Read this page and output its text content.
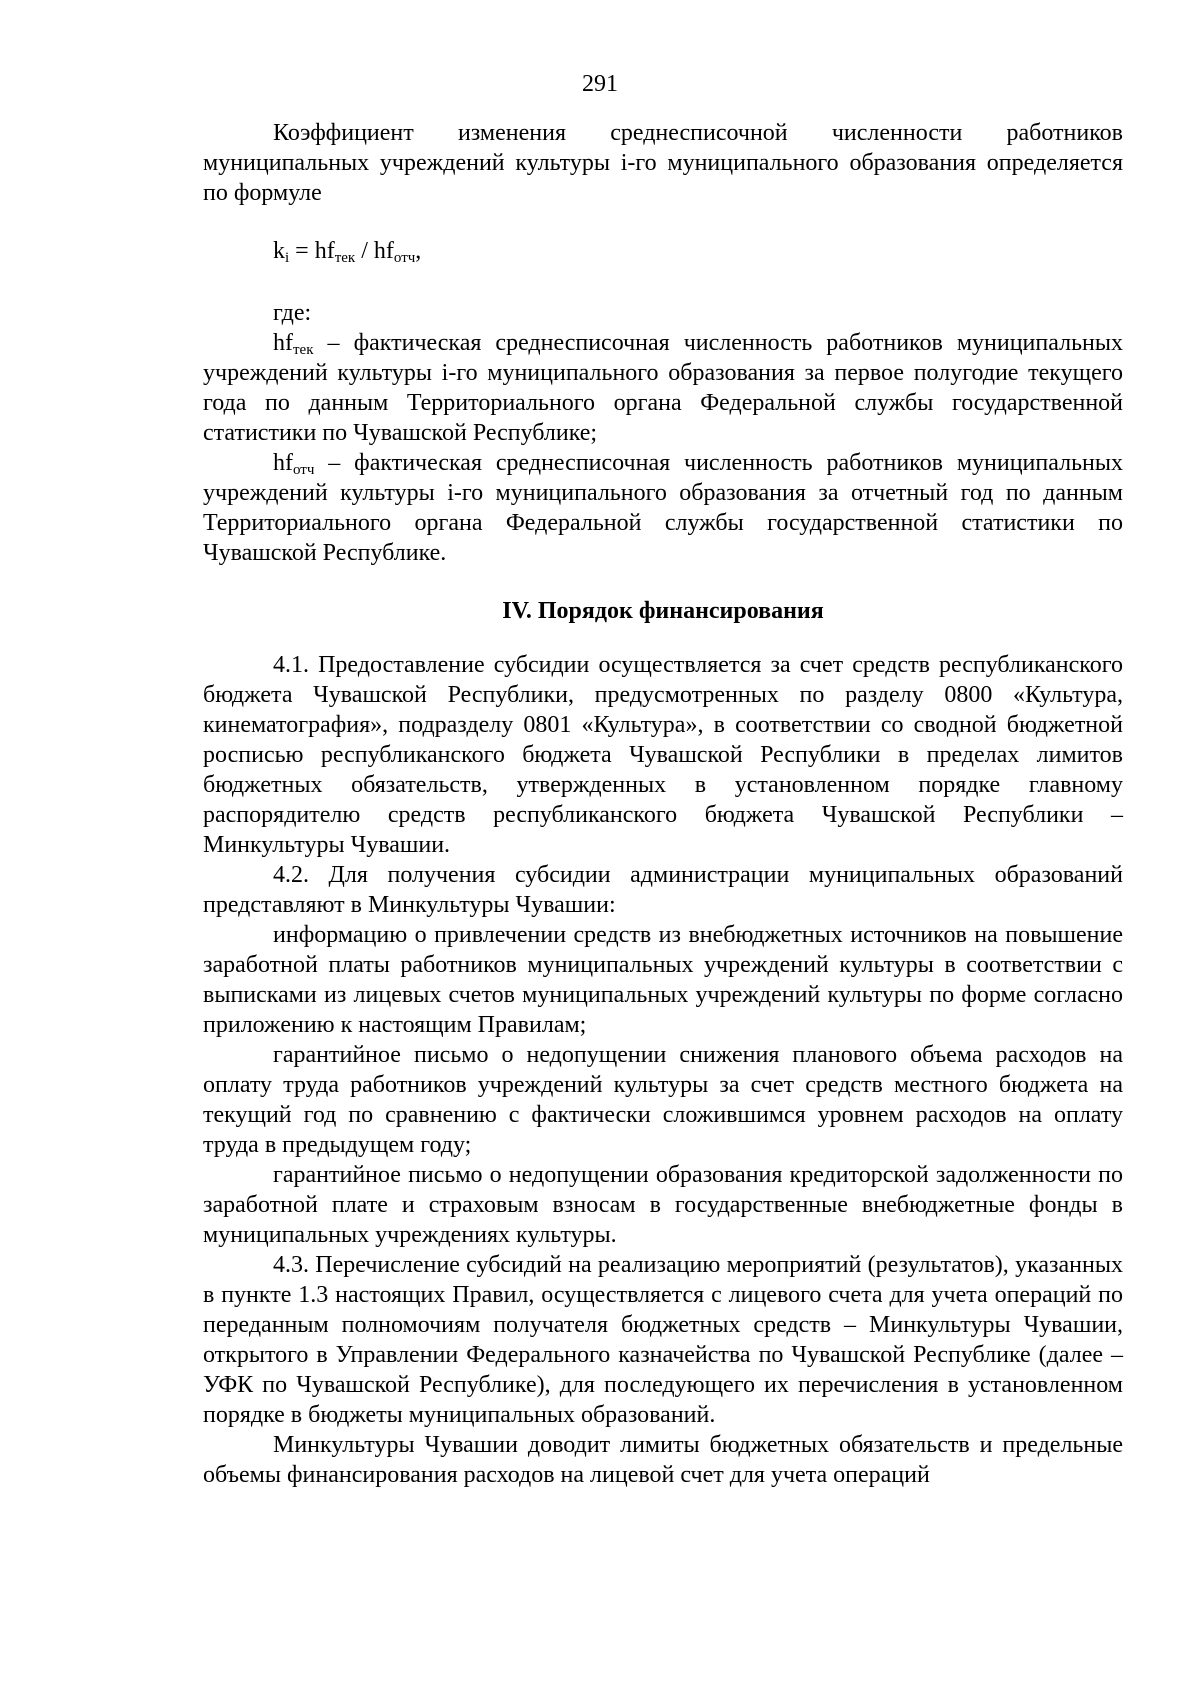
291

Коэффициент изменения среднесписочной численности работников муниципальных учреждений культуры i-го муниципального образования определяется по формуле

$k_i = hf_{тек} / hf_{отч}$,
где:

$hf_{тек}$ – фактическая среднесписочная численность работников муниципальных учреждений культуры i-го муниципального образования за первое полугодие текущего года по данным Территориального органа Федеральной службы государственной статистики по Чувашской Республике;

$hf_{отч}$ – фактическая среднесписочная численность работников муниципальных учреждений культуры i-го муниципального образования за отчетный год по данным Территориального органа Федеральной службы государственной статистики по Чувашской Республике.

IV. Порядок финансирования

4.1. Предоставление субсидии осуществляется за счет средств республиканского бюджета Чувашской Республики, предусмотренных по разделу 0800 «Культура, кинематография», подразделу 0801 «Культура», в соответствии со сводной бюджетной росписью республиканского бюджета Чувашской Республики в пределах лимитов бюджетных обязательств, утвержденных в установленном порядке главному распорядителю средств республиканского бюджета Чувашской Республики – Минкультуры Чувашии.

4.2. Для получения субсидии администрации муниципальных образований представляют в Минкультуры Чувашии:

информацию о привлечении средств из внебюджетных источников на повышение заработной платы работников муниципальных учреждений культуры в соответствии с выписками из лицевых счетов муниципальных учреждений культуры по форме согласно приложению к настоящим Правилам;

гарантийное письмо о недопущении снижения планового объема расходов на оплату труда работников учреждений культуры за счет средств местного бюджета на текущий год по сравнению с фактически сложившимся уровнем расходов на оплату труда в предыдущем году;

гарантийное письмо о недопущении образования кредиторской задолженности по заработной плате и страховым взносам в государственные внебюджетные фонды в муниципальных учреждениях культуры.

4.3. Перечисление субсидий на реализацию мероприятий (результатов), указанных в пункте 1.3 настоящих Правил, осуществляется с лицевого счета для учета операций по переданным полномочиям получателя бюджетных средств – Минкультуры Чувашии, открытого в Управлении Федерального казначейства по Чувашской Республике (далее – УФК по Чувашской Республике), для последующего их перечисления в установленном порядке в бюджеты муниципальных образований.

Минкультуры Чувашии доводит лимиты бюджетных обязательств и предельные объемы финансирования расходов на лицевой счет для учета операций
